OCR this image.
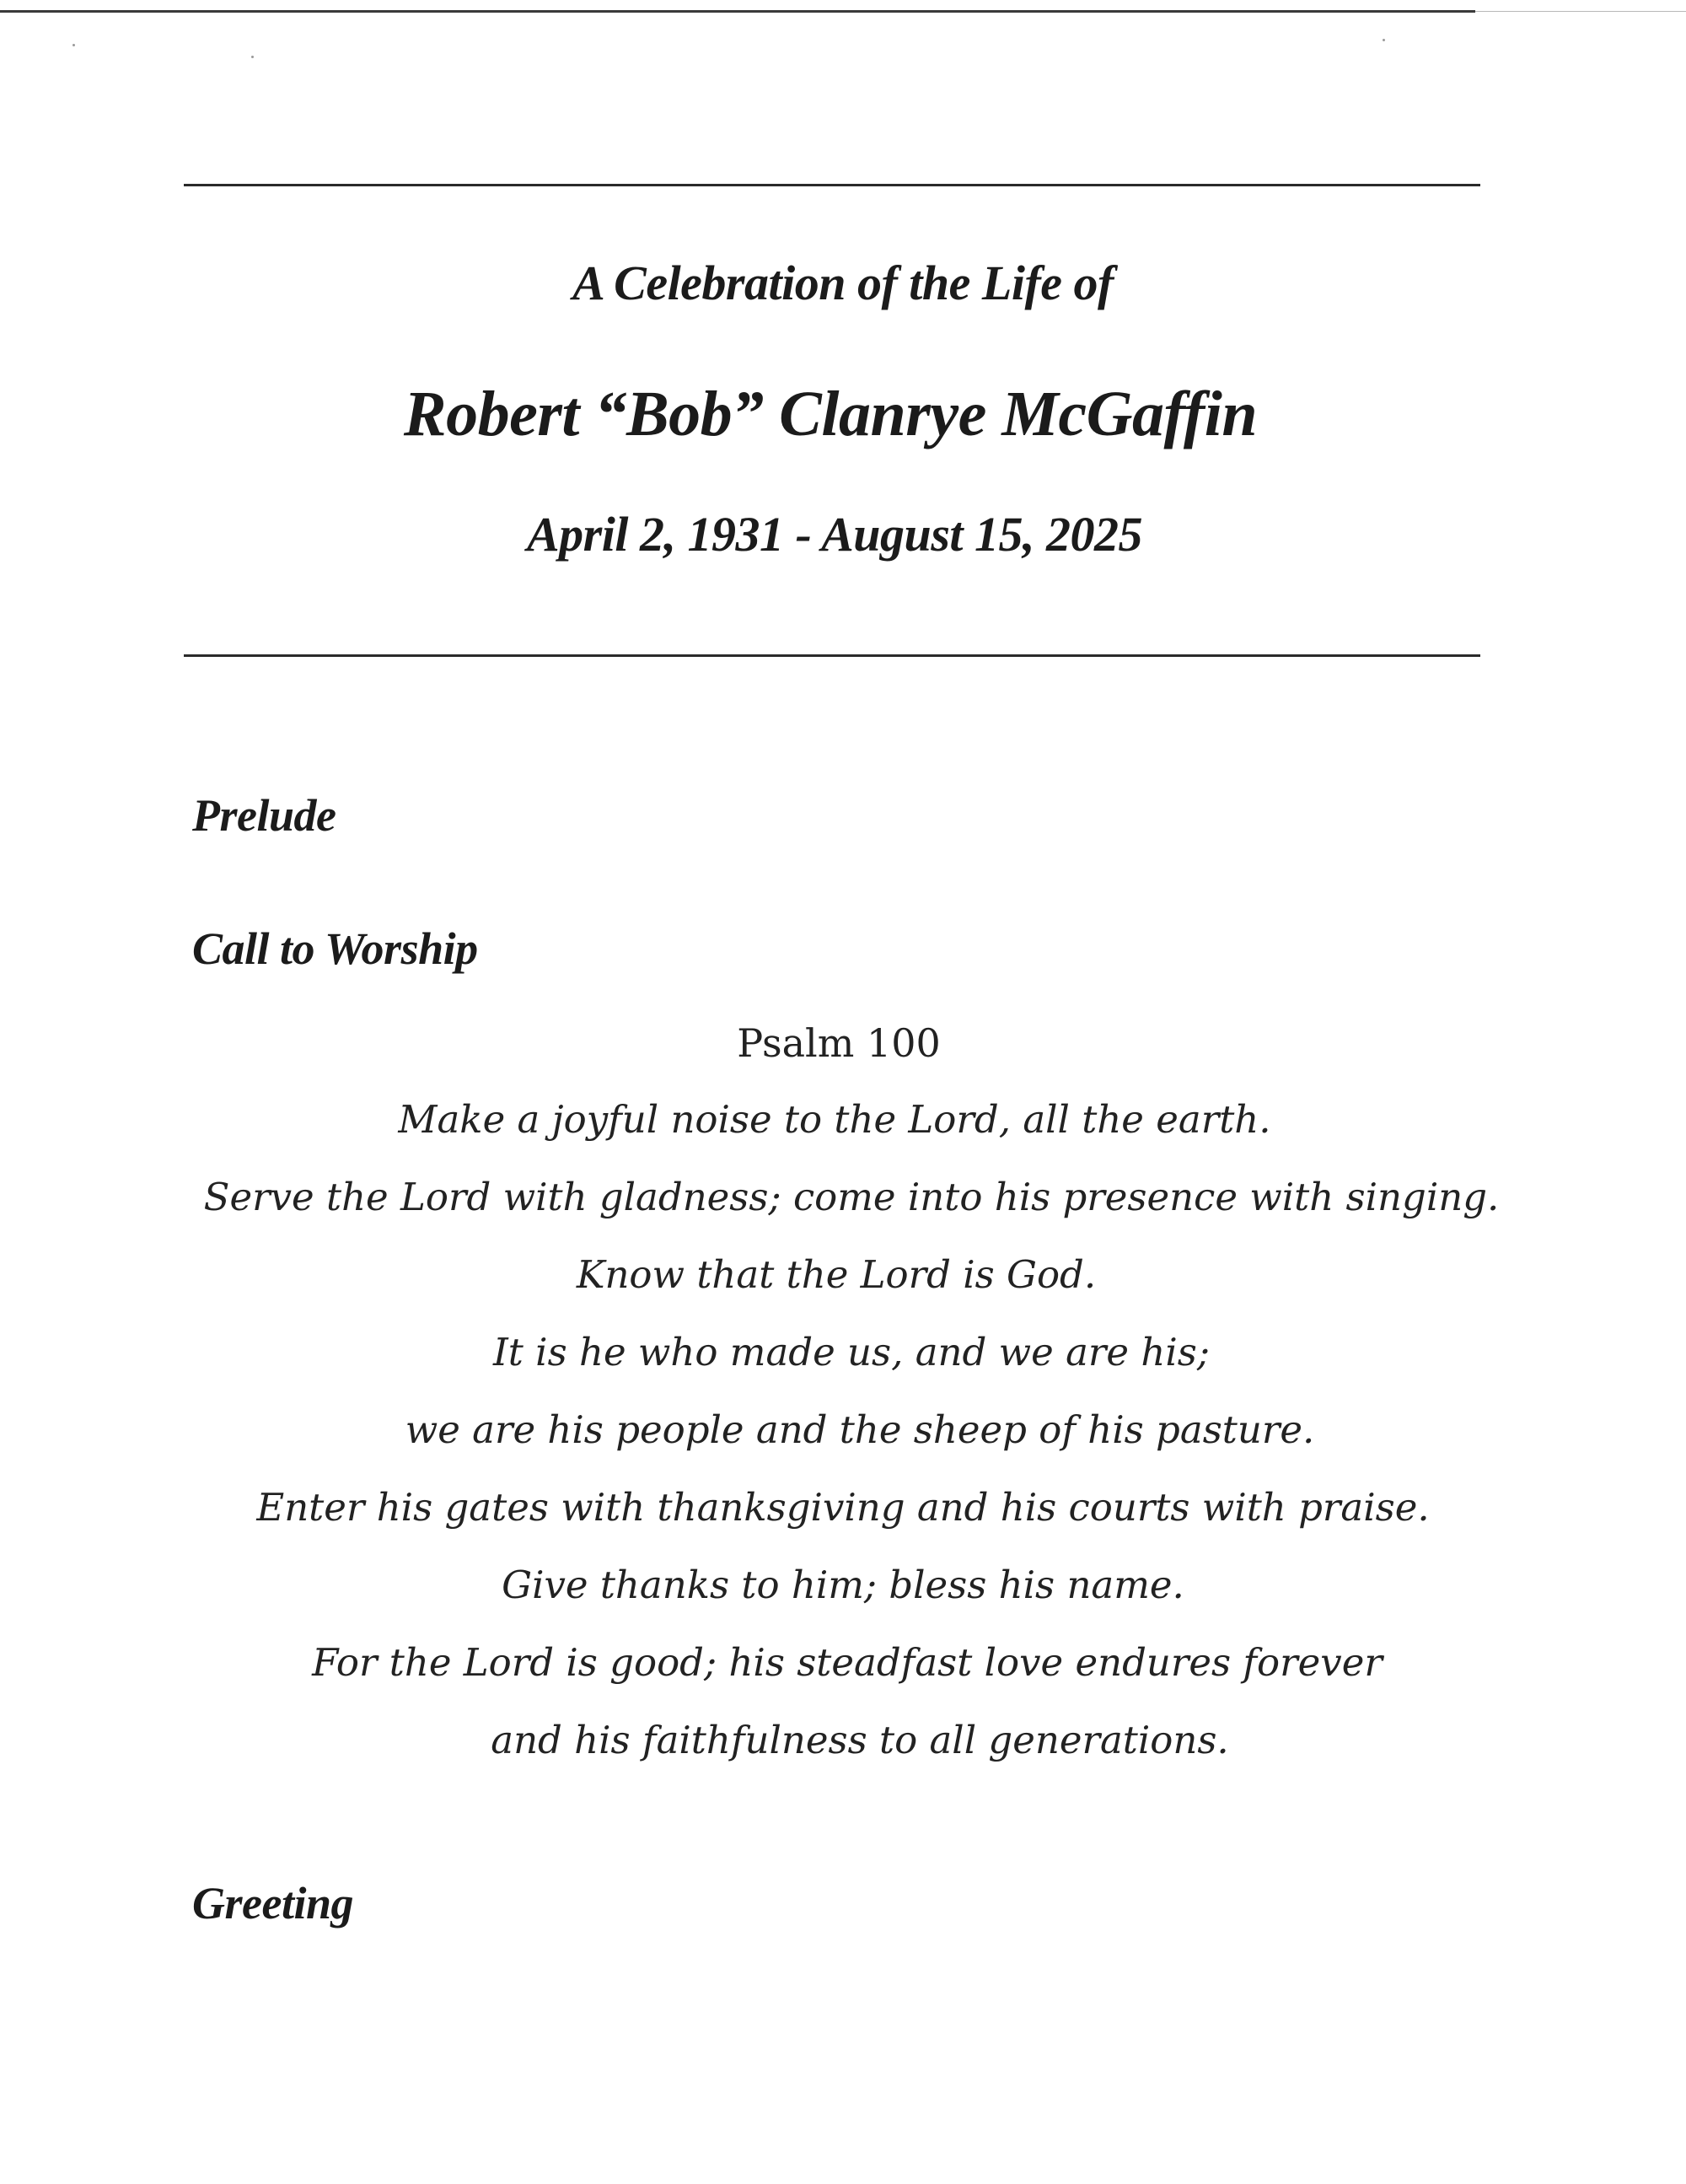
A Celebration of the Life of
Robert “Bob” Clanrye McGaffin
April 2, 1931 - August 15, 2025
Prelude
Call to Worship
Psalm 100
Make a joyful noise to the Lord, all the earth.
Serve the Lord with gladness; come into his presence with singing.
Know that the Lord is God.
It is he who made us, and we are his;
we are his people and the sheep of his pasture.
Enter his gates with thanksgiving and his courts with praise.
Give thanks to him; bless his name.
For the Lord is good; his steadfast love endures forever
and his faithfulness to all generations.
Greeting
